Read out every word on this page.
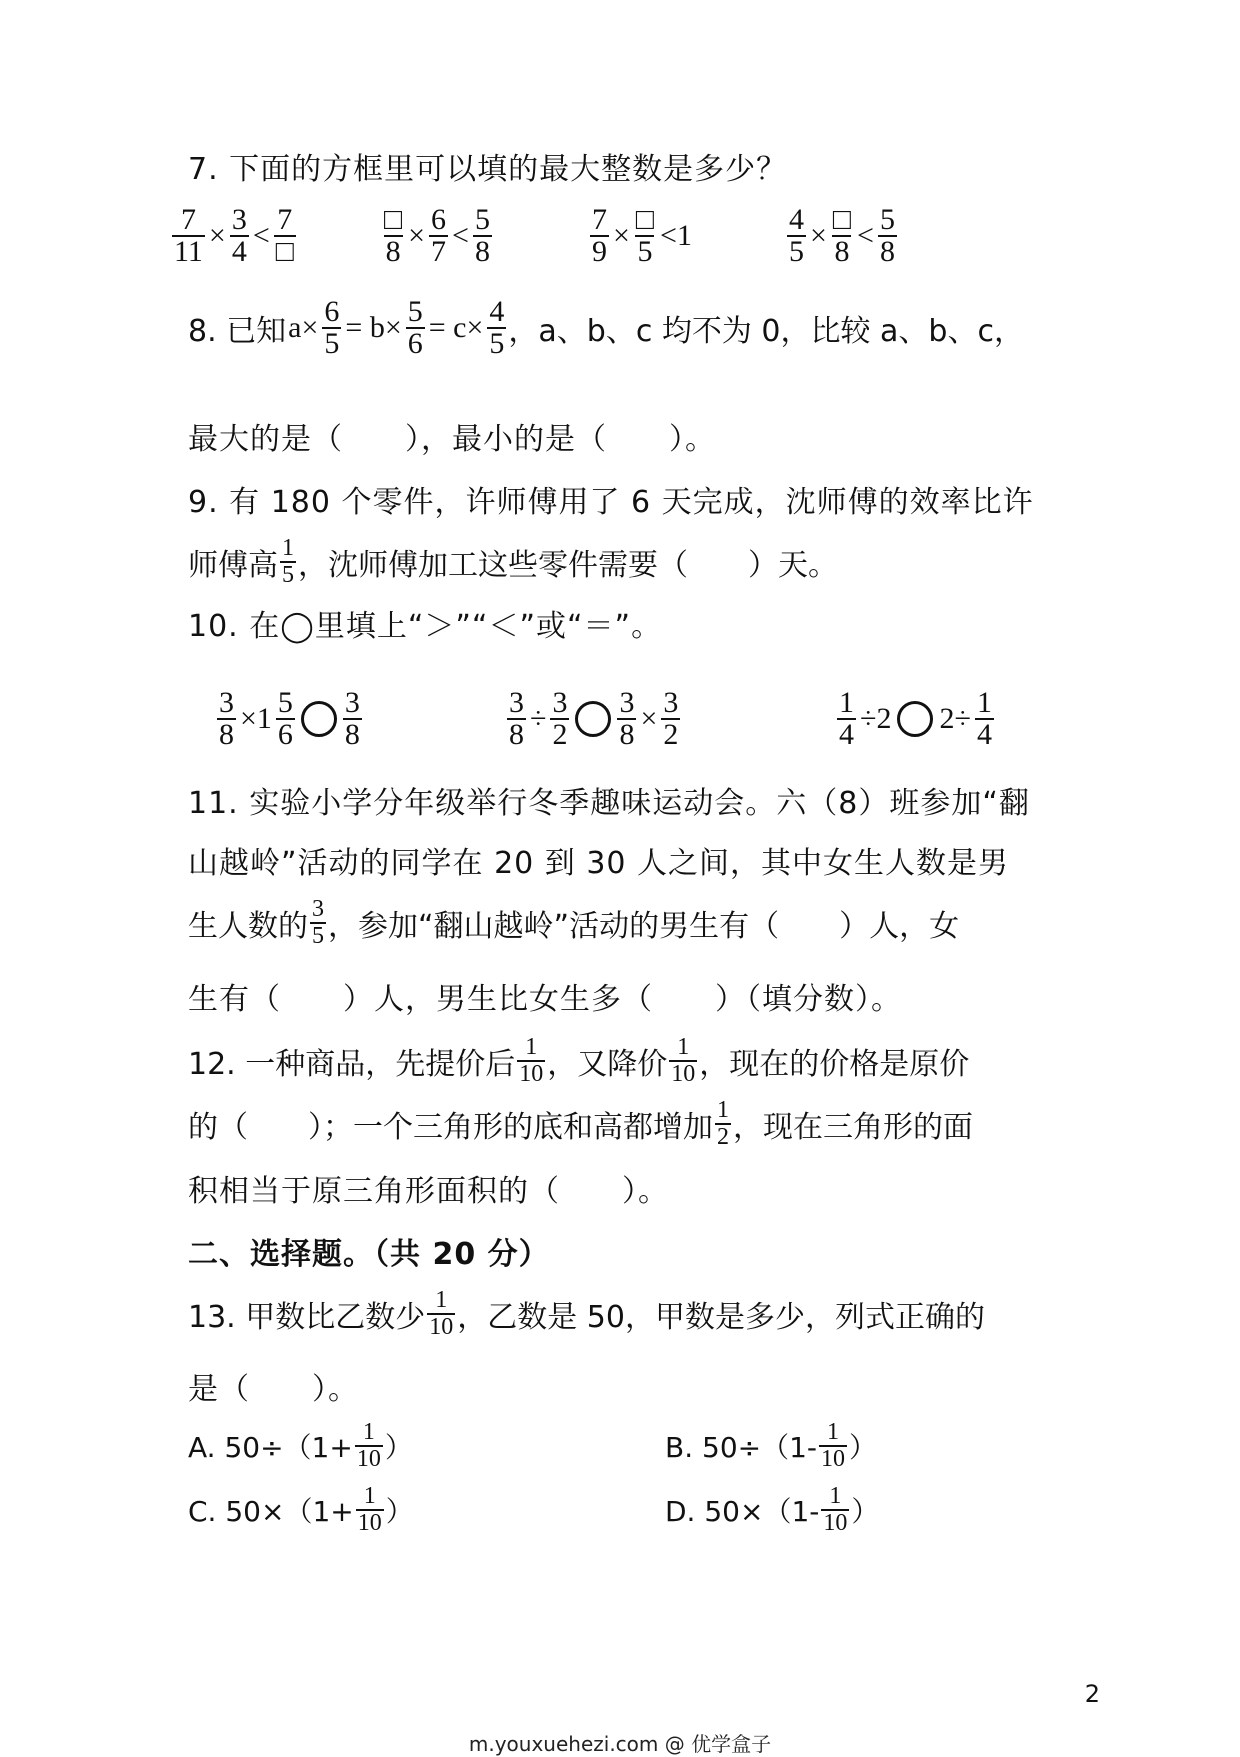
7. 下面的方框里可以填的最大整数是多少？
$\frac{7}{11} \times \frac{3}{4} < \frac{7}{□}$	$\frac{□}{8} \times \frac{6}{7} < \frac{5}{8}$	$\frac{7}{9} \times \frac{□}{5} <1$	$\frac{4}{5} \times \frac{□}{8} < \frac{5}{8}$
8. 已知 $a\times \frac{6}{5} = b\times \frac{5}{6} = c\times \frac{4}{5}$ ，a、b、c 均不为 0，比较 a、b、c，
最大的是（　　），最小的是（　　）。
9. 有 180 个零件，许师傅用了 6 天完成，沈师傅的效率比许
师傅高 $\frac{1}{5}$ ，沈师傅加工这些零件需要（　　）天。
10. 在◯里填上“＞”“＜”或“＝”。
$\frac{3}{8} \times 1 \frac{5}{6} \frac{3}{8}$	$\frac{3}{8} \div \frac{3}{2} \frac{3}{8} \times \frac{3}{2}$	$\frac{1}{4} \div 2$ $2\div \frac{1}{4}$
11. 实验小学分年级举行冬季趣味运动会。六（8）班参加“翻
山越岭”活动的同学在 20 到 30 人之间，其中女生人数是男
生人数的 $\frac{3}{5}$ ，参加“翻山越岭”活动的男生有（　　）人，女
生有（　　）人，男生比女生多（　　）（填分数）。
12. 一种商品，先提价后 $\frac{1}{10}$ ，又降价 $\frac{1}{10}$ ，现在的价格是原价
的（　　）；一个三角形的底和高都增加 $\frac{1}{2}$ ，现在三角形的面
积相当于原三角形面积的（　　）。
二、选择题。（共 20 分）
13. 甲数比乙数少 $\frac{1}{10}$ ，乙数是 50，甲数是多少，列式正确的
是（　　）。
A. $50\div(1+ \frac{1}{10}$ ）	B. $50\div(1- \frac{1}{10}$ ）
C. $50\times(1+ \frac{1}{10}$ ）	D. $50\times(1- \frac{1}{10}$ ）
2
m.youxuehezi.com @ 优学盒子
